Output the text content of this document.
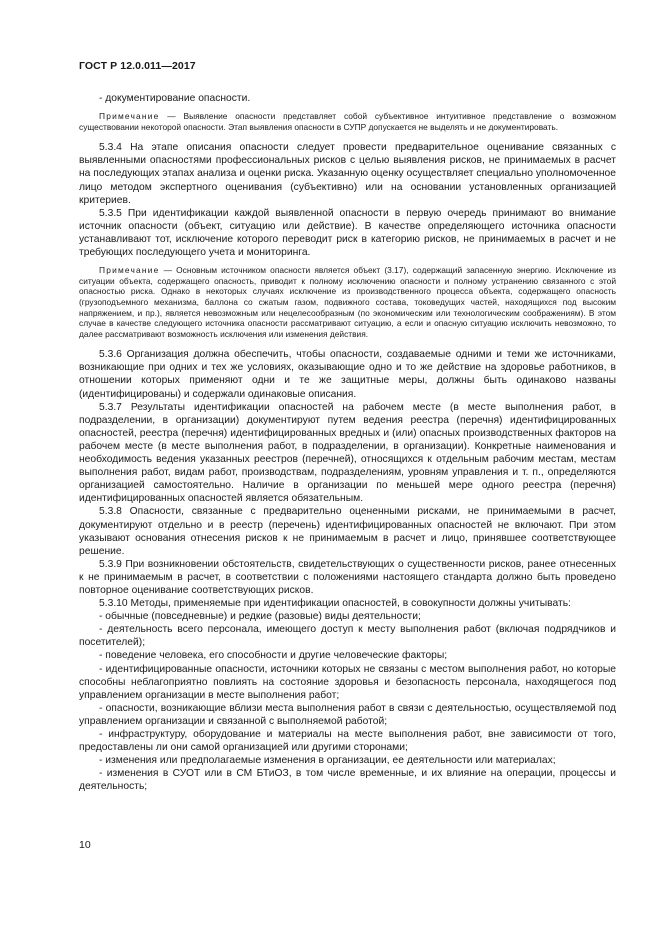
ГОСТ Р 12.0.011—2017

- документирование опасности.

Примечание — Выявление опасности представляет собой субъективное интуитивное представление о возможном существовании некоторой опасности. Этап выявления опасности в СУПР допускается не выделять и не документировать.

5.3.4 На этапе описания опасности следует провести предварительное оценивание связанных с выявленными опасностями профессиональных рисков с целью выявления рисков, не принимаемых в расчет на последующих этапах анализа и оценки риска. Указанную оценку осуществляет специально уполномоченное лицо методом экспертного оценивания (субъективно) или на основании установленных организацией критериев.

5.3.5 При идентификации каждой выявленной опасности в первую очередь принимают во внимание источник опасности (объект, ситуацию или действие). В качестве определяющего источника опасности устанавливают тот, исключение которого переводит риск в категорию рисков, не принимаемых в расчет и не требующих последующего учета и мониторинга.

Примечание — Основным источником опасности является объект (3.17), содержащий запасенную энергию. Исключение из ситуации объекта, содержащего опасность, приводит к полному исключению опасности и полному устранению связанного с этой опасностью риска. Однако в некоторых случаях исключение из производственного процесса объекта, содержащего опасность (грузоподъемного механизма, баллона со сжатым газом, подвижного состава, токоведущих частей, находящихся под высоким напряжением, и пр.), является невозможным или нецелесообразным (по экономическим или технологическим соображениям). В этом случае в качестве следующего источника опасности рассматривают ситуацию, а если и опасную ситуацию исключить невозможно, то далее рассматривают возможность исключения или изменения действия.

5.3.6 Организация должна обеспечить, чтобы опасности, создаваемые одними и теми же источниками, возникающие при одних и тех же условиях, оказывающие одно и то же действие на здоровье работников, в отношении которых применяют одни и те же защитные меры, должны быть одинаково названы (идентифицированы) и содержали одинаковые описания.

5.3.7 Результаты идентификации опасностей на рабочем месте (в месте выполнения работ, в подразделении, в организации) документируют путем ведения реестра (перечня) идентифицированных опасностей, реестра (перечня) идентифицированных вредных и (или) опасных производственных факторов на рабочем месте (в месте выполнения работ, в подразделении, в организации). Конкретные наименования и необходимость ведения указанных реестров (перечней), относящихся к отдельным рабочим местам, местам выполнения работ, видам работ, производствам, подразделениям, уровням управления и т. п., определяются организацией самостоятельно. Наличие в организации по меньшей мере одного реестра (перечня) идентифицированных опасностей является обязательным.

5.3.8 Опасности, связанные с предварительно оцененными рисками, не принимаемыми в расчет, документируют отдельно и в реестр (перечень) идентифицированных опасностей не включают. При этом указывают основания отнесения рисков к не принимаемым в расчет и лицо, принявшее соответствующее решение.

5.3.9 При возникновении обстоятельств, свидетельствующих о существенности рисков, ранее отнесенных к не принимаемым в расчет, в соответствии с положениями настоящего стандарта должно быть проведено повторное оценивание соответствующих рисков.

5.3.10 Методы, применяемые при идентификации опасностей, в совокупности должны учитывать:

- обычные (повседневные) и редкие (разовые) виды деятельности;

- деятельность всего персонала, имеющего доступ к месту выполнения работ (включая подрядчиков и посетителей);

- поведение человека, его способности и другие человеческие факторы;

- идентифицированные опасности, источники которых не связаны с местом выполнения работ, но которые способны неблагоприятно повлиять на состояние здоровья и безопасность персонала, находящегося под управлением организации в месте выполнения работ;

- опасности, возникающие вблизи места выполнения работ в связи с деятельностью, осуществляемой под управлением организации и связанной с выполняемой работой;

- инфраструктуру, оборудование и материалы на месте выполнения работ, вне зависимости от того, предоставлены ли они самой организацией или другими сторонами;

- изменения или предполагаемые изменения в организации, ее деятельности или материалах;

- изменения в СУОТ или в СМ БТиОЗ, в том числе временные, и их влияние на операции, процессы и деятельность;

10
